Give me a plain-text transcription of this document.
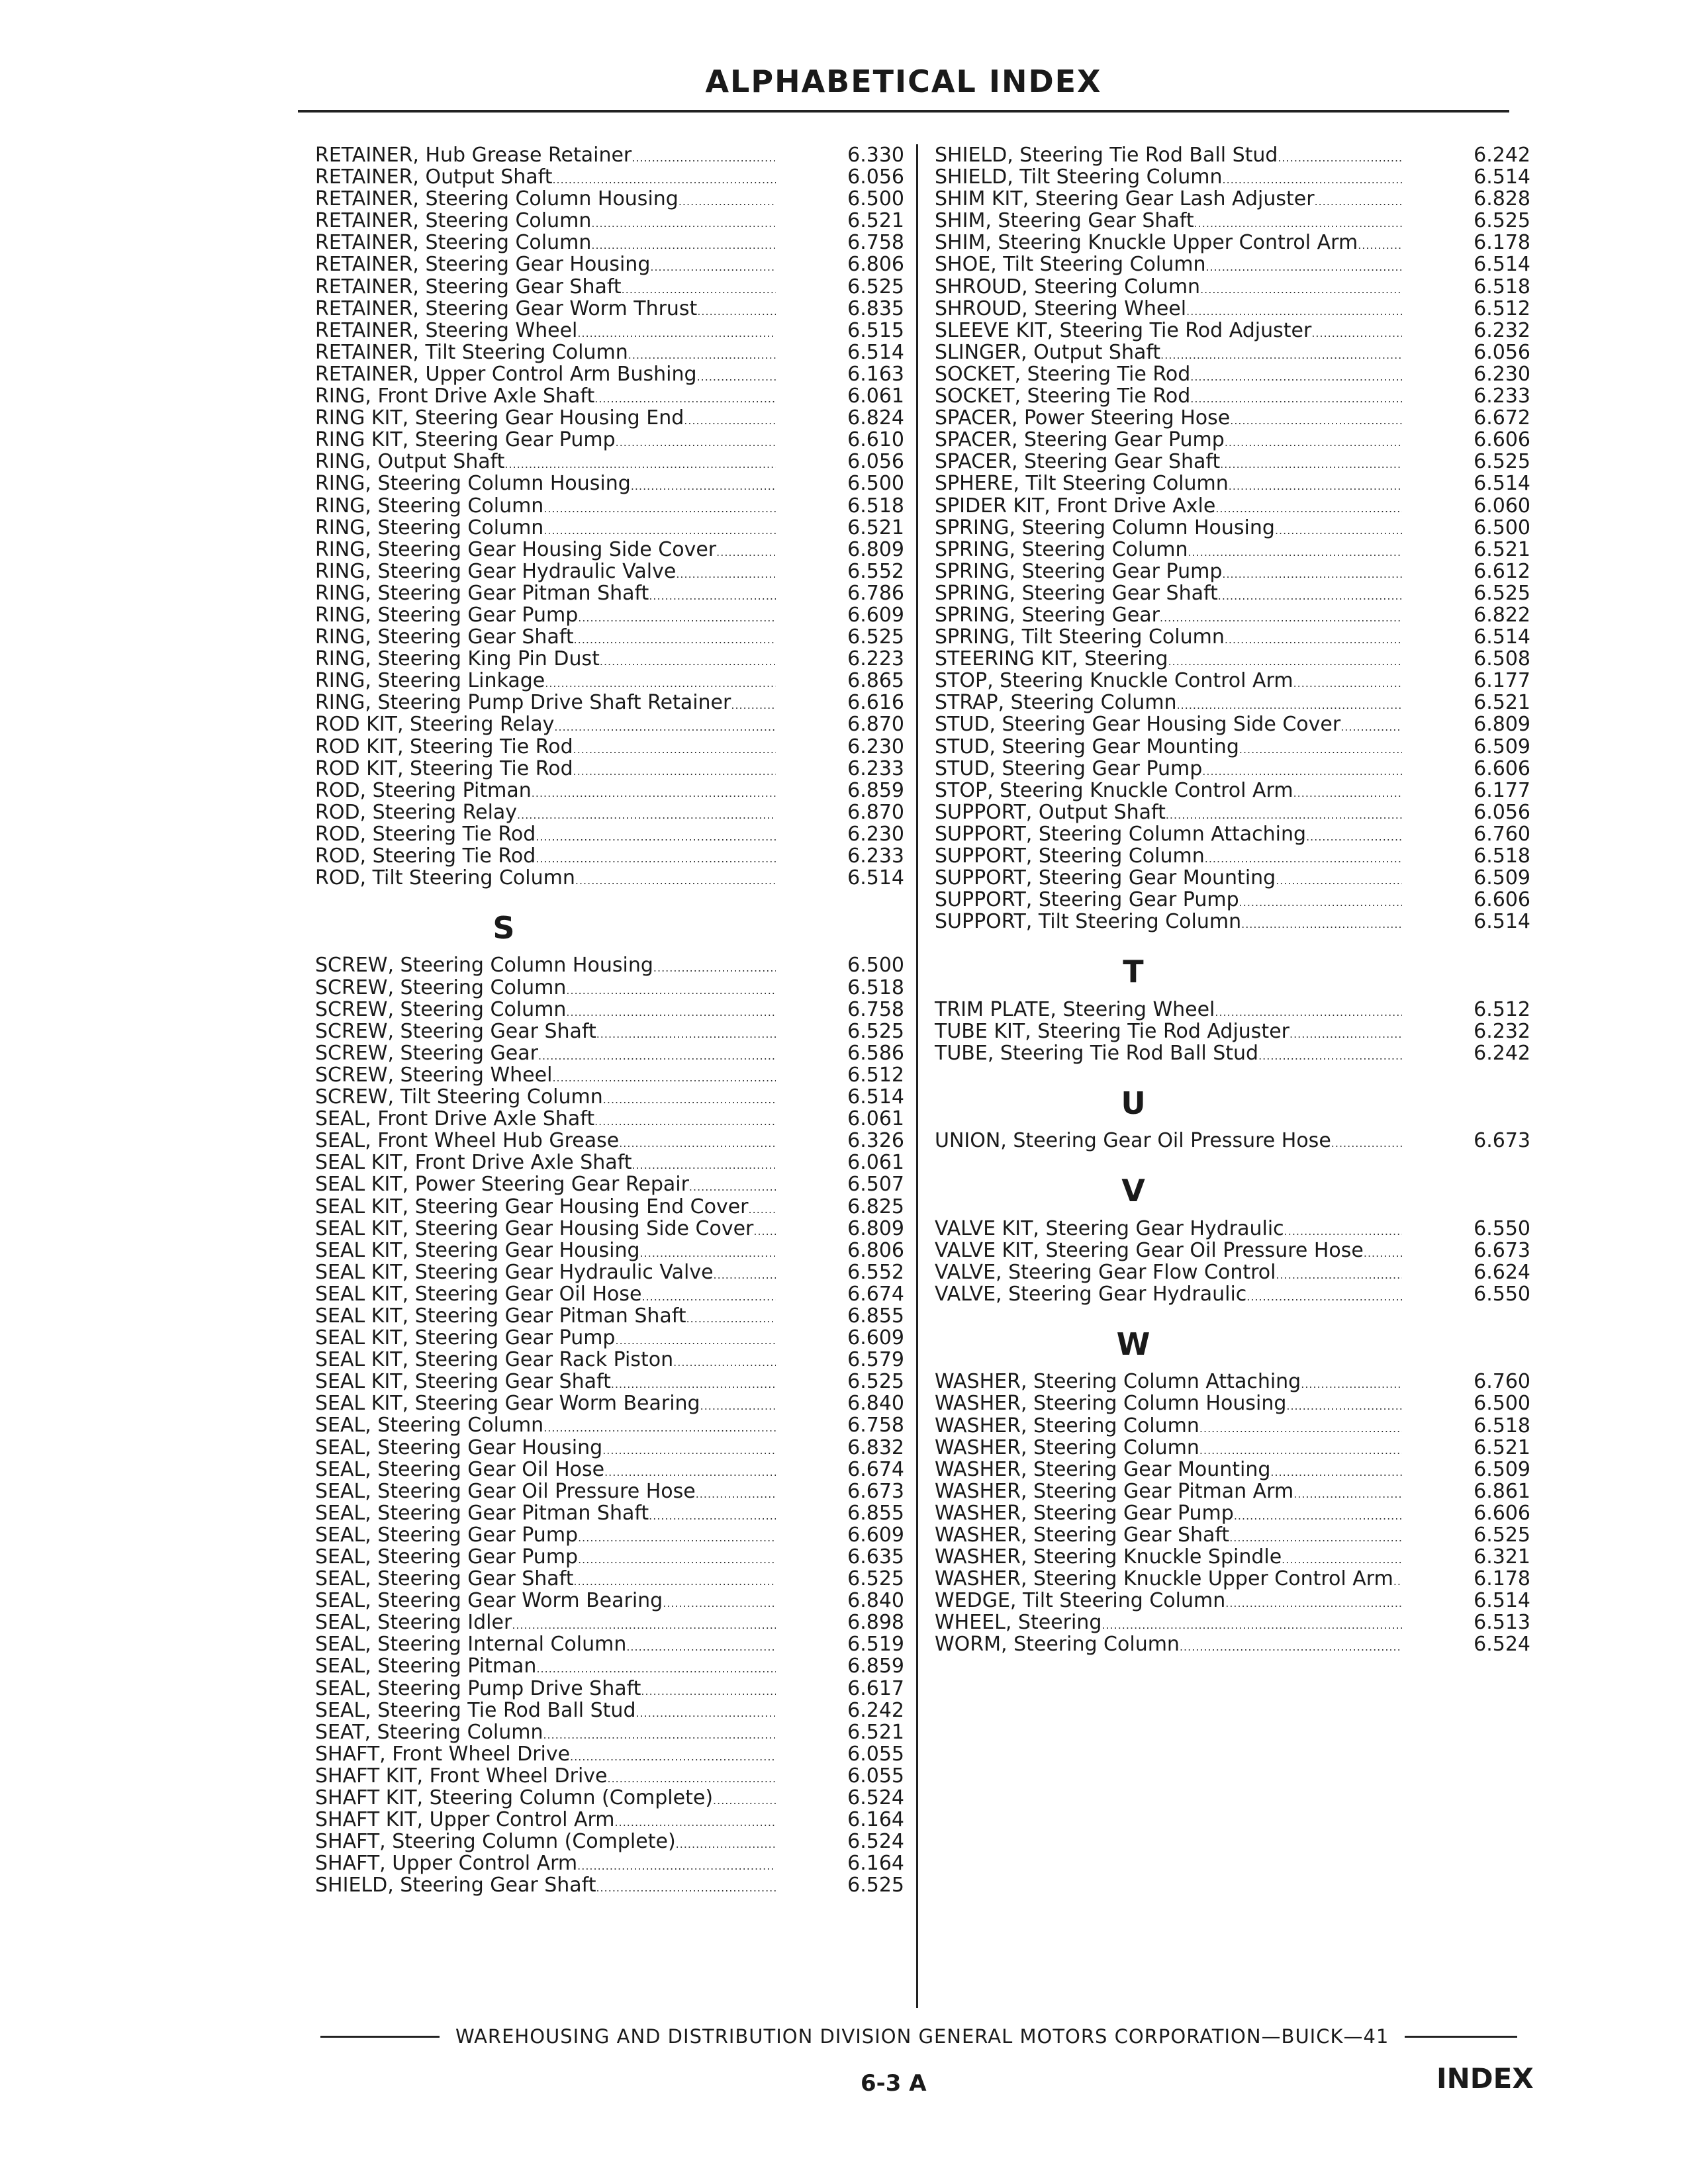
ALPHABETICAL INDEX
RETAINER, Hub Grease Retainer .....	6.330
RETAINER, Output Shaft .....	6.056
RETAINER, Steering Column Housing .....	6.500
RETAINER, Steering Column .....	6.521
RETAINER, Steering Column .....	6.758
RETAINER, Steering Gear Housing .....	6.806
RETAINER, Steering Gear Shaft .....	6.525
RETAINER, Steering Gear Worm Thrust .....	6.835
RETAINER, Steering Wheel .....	6.515
RETAINER, Tilt Steering Column .....	6.514
RETAINER, Upper Control Arm Bushing .....	6.163
RING, Front Drive Axle Shaft .....	6.061
RING KIT, Steering Gear Housing End .....	6.824
RING KIT, Steering Gear Pump .....	6.610
RING, Output Shaft .....	6.056
RING, Steering Column Housing .....	6.500
RING, Steering Column .....	6.518
RING, Steering Column .....	6.521
RING, Steering Gear Housing Side Cover .....	6.809
RING, Steering Gear Hydraulic Valve .....	6.552
RING, Steering Gear Pitman Shaft .....	6.786
RING, Steering Gear Pump .....	6.609
RING, Steering Gear Shaft .....	6.525
RING, Steering King Pin Dust .....	6.223
RING, Steering Linkage .....	6.865
RING, Steering Pump Drive Shaft Retainer .....	6.616
ROD KIT, Steering Relay .....	6.870
ROD KIT, Steering Tie Rod .....	6.230
ROD KIT, Steering Tie Rod .....	6.233
ROD, Steering Pitman .....	6.859
ROD, Steering Relay .....	6.870
ROD, Steering Tie Rod .....	6.230
ROD, Steering Tie Rod .....	6.233
ROD, Tilt Steering Column .....	6.514
S
SCREW, Steering Column Housing .....	6.500
SCREW, Steering Column .....	6.518
SCREW, Steering Column .....	6.758
SCREW, Steering Gear Shaft .....	6.525
SCREW, Steering Gear .....	6.586
SCREW, Steering Wheel .....	6.512
SCREW, Tilt Steering Column .....	6.514
SEAL, Front Drive Axle Shaft .....	6.061
SEAL, Front Wheel Hub Grease .....	6.326
SEAL KIT, Front Drive Axle Shaft .....	6.061
SEAL KIT, Power Steering Gear Repair .....	6.507
SEAL KIT, Steering Gear Housing End Cover .....	6.825
SEAL KIT, Steering Gear Housing Side Cover .....	6.809
SEAL KIT, Steering Gear Housing .....	6.806
SEAL KIT, Steering Gear Hydraulic Valve .....	6.552
SEAL KIT, Steering Gear Oil Hose .....	6.674
SEAL KIT, Steering Gear Pitman Shaft .....	6.855
SEAL KIT, Steering Gear Pump .....	6.609
SEAL KIT, Steering Gear Rack Piston .....	6.579
SEAL KIT, Steering Gear Shaft .....	6.525
SEAL KIT, Steering Gear Worm Bearing .....	6.840
SEAL, Steering Column .....	6.758
SEAL, Steering Gear Housing .....	6.832
SEAL, Steering Gear Oil Hose .....	6.674
SEAL, Steering Gear Oil Pressure Hose .....	6.673
SEAL, Steering Gear Pitman Shaft .....	6.855
SEAL, Steering Gear Pump .....	6.609
SEAL, Steering Gear Pump .....	6.635
SEAL, Steering Gear Shaft .....	6.525
SEAL, Steering Gear Worm Bearing .....	6.840
SEAL, Steering Idler .....	6.898
SEAL, Steering Internal Column .....	6.519
SEAL, Steering Pitman .....	6.859
SEAL, Steering Pump Drive Shaft .....	6.617
SEAL, Steering Tie Rod Ball Stud .....	6.242
SEAT, Steering Column .....	6.521
SHAFT, Front Wheel Drive .....	6.055
SHAFT KIT, Front Wheel Drive .....	6.055
SHAFT KIT, Steering Column (Complete) .....	6.524
SHAFT KIT, Upper Control Arm .....	6.164
SHAFT, Steering Column (Complete) .....	6.524
SHAFT, Upper Control Arm .....	6.164
SHIELD, Steering Gear Shaft .....	6.525
SHIELD, Steering Tie Rod Ball Stud .....	6.242
SHIELD, Tilt Steering Column .....	6.514
SHIM KIT, Steering Gear Lash Adjuster .....	6.828
SHIM, Steering Gear Shaft .....	6.525
SHIM, Steering Knuckle Upper Control Arm .....	6.178
SHOE, Tilt Steering Column .....	6.514
SHROUD, Steering Column .....	6.518
SHROUD, Steering Wheel .....	6.512
SLEEVE KIT, Steering Tie Rod Adjuster .....	6.232
SLINGER, Output Shaft .....	6.056
SOCKET, Steering Tie Rod .....	6.230
SOCKET, Steering Tie Rod .....	6.233
SPACER, Power Steering Hose .....	6.672
SPACER, Steering Gear Pump .....	6.606
SPACER, Steering Gear Shaft .....	6.525
SPHERE, Tilt Steering Column .....	6.514
SPIDER KIT, Front Drive Axle .....	6.060
SPRING, Steering Column Housing .....	6.500
SPRING, Steering Column .....	6.521
SPRING, Steering Gear Pump .....	6.612
SPRING, Steering Gear Shaft .....	6.525
SPRING, Steering Gear .....	6.822
SPRING, Tilt Steering Column .....	6.514
STEERING KIT, Steering .....	6.508
STOP, Steering Knuckle Control Arm .....	6.177
STRAP, Steering Column .....	6.521
STUD, Steering Gear Housing Side Cover .....	6.809
STUD, Steering Gear Mounting .....	6.509
STUD, Steering Gear Pump .....	6.606
STOP, Steering Knuckle Control Arm .....	6.177
SUPPORT, Output Shaft .....	6.056
SUPPORT, Steering Column Attaching .....	6.760
SUPPORT, Steering Column .....	6.518
SUPPORT, Steering Gear Mounting .....	6.509
SUPPORT, Steering Gear Pump .....	6.606
SUPPORT, Tilt Steering Column .....	6.514
T
TRIM PLATE, Steering Wheel .....	6.512
TUBE KIT, Steering Tie Rod Adjuster .....	6.232
TUBE, Steering Tie Rod Ball Stud .....	6.242
U
UNION, Steering Gear Oil Pressure Hose .....	6.673
V
VALVE KIT, Steering Gear Hydraulic .....	6.550
VALVE KIT, Steering Gear Oil Pressure Hose .....	6.673
VALVE, Steering Gear Flow Control .....	6.624
VALVE, Steering Gear Hydraulic .....	6.550
W
WASHER, Steering Column Attaching .....	6.760
WASHER, Steering Column Housing .....	6.500
WASHER, Steering Column .....	6.518
WASHER, Steering Column .....	6.521
WASHER, Steering Gear Mounting .....	6.509
WASHER, Steering Gear Pitman Arm .....	6.861
WASHER, Steering Gear Pump .....	6.606
WASHER, Steering Gear Shaft .....	6.525
WASHER, Steering Knuckle Spindle .....	6.321
WASHER, Steering Knuckle Upper Control Arm .....	6.178
WEDGE, Tilt Steering Column .....	6.514
WHEEL, Steering .....	6.513
WORM, Steering Column .....	6.524
WAREHOUSING AND DISTRIBUTION DIVISION GENERAL MOTORS CORPORATION—BUICK—41
6-3 A	INDEX
